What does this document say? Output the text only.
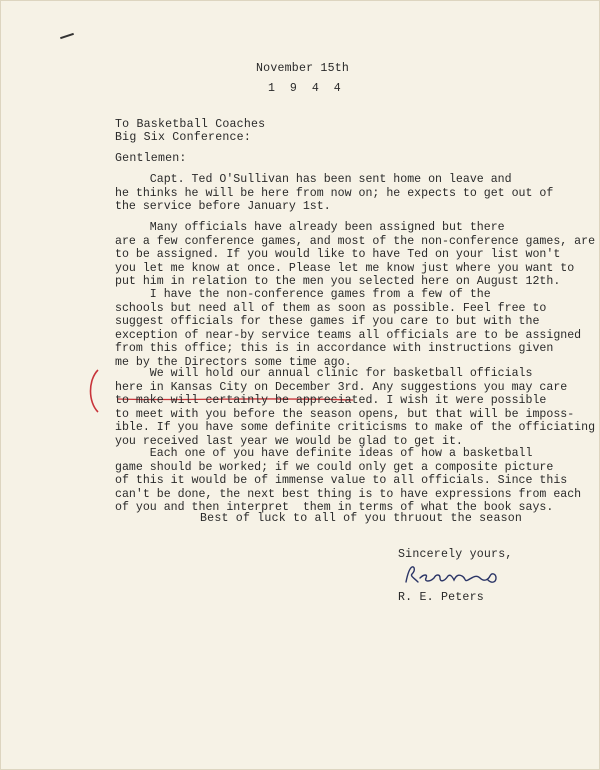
November 15th
1 9 4 4
To Basketball Coaches
Big Six Conference:
Gentlemen:
Capt. Ted O'Sullivan has been sent home on leave and
he thinks he will be here from now on; he expects to get out of
the service before January 1st.
Many officials have already been assigned but there
are a few conference games, and most of the non-conference games, are
to be assigned. If you would like to have Ted on your list won't
you let me know at once. Please let me know just where you want to
put him in relation to the men you selected here on August 12th.
I have the non-conference games from a few of the
schools but need all of them as soon as possible. Feel free to
suggest officials for these games if you care to but with the
exception of near-by service teams all officials are to be assigned
from this office; this is in accordance with instructions given
me by the Directors some time ago.
We will hold our annual clinic for basketball officials
here in Kansas City on December 3rd. Any suggestions you may care
to make will certainly be appreciated. I wish it were possible
to meet with you before the season opens, but that will be imposs-
ible. If you have some definite criticisms to make of the officiating
you received last year we would be glad to get it.
Each one of you have definite ideas of how a basketball
game should be worked; if we could only get a composite picture
of this it would be of immense value to all officials. Since this
can't be done, the next best thing is to have expressions from each
of you and then interpret  them in terms of what the book says.
Best of luck to all of you thruout the season
Sincerely yours,
R. E. Peters
